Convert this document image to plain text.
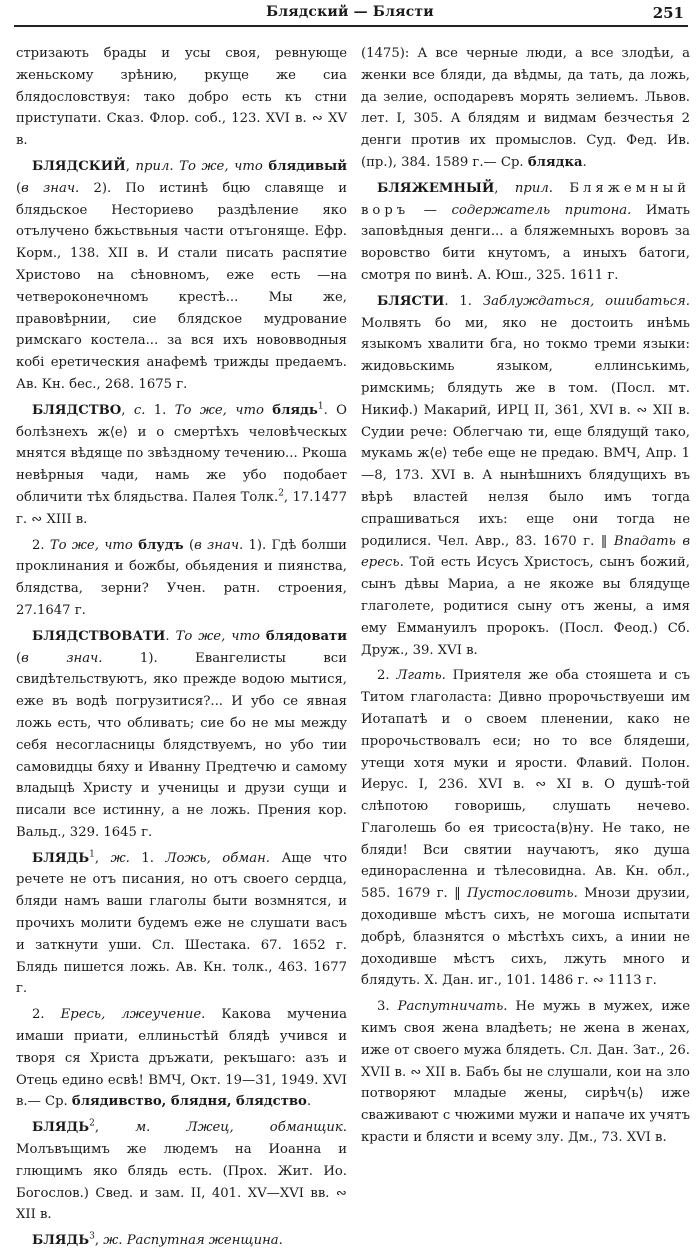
Блядский — Блясти	251

стризають брады и усы своя, ревнующе женьскому зрѣнию, ркуще же сиа блядословствуя: тако добро есть къ стни приступати. Сказ. Флор. соб., 123. XVI в. ∾ XV в.

БЛЯДСКИЙ, прил. То же, что блядивый (в знач. 2). По истинѣ бцю славяще и блядьское Несториево раздѣление яко отълучено бжьствьныя части отъгоняще. Ефр. Корм., 138. XII в. И стали писать распятие Христово на сѣновномъ, еже есть —на четвероконечномъ крестѣ... Мы же, правовѣрнии, сие блядское мудрование римскаго костела... за вся ихъ нововводныя кобі еретическия анафемѣ трижды предаемъ. Ав. Кн. бес., 268. 1675 г.

БЛЯДСТВО, с. 1. То же, что блядь$^1$. О болѣзнехъ ж⟨е⟩ и о смертѣхъ человѣческых мнятся вѣдяще по звѣздному течению... Ркоша невѣрныя чади, намь же убо подобает обличити тѣх блядьства. Палея Толк.$^2$, 17.1477 г. ∾ XIII в.

2. То же, что блудъ (в знач. 1). Гдѣ болши проклинания и божбы, обьядения и пиянства, блядства, зерни? Учен. ратн. строения, 27.1647 г.

БЛЯДСТВОВАТИ. То же, что блядовати (в знач. 1). Евангелисты вси свидѣтельствуютъ, яко прежде водою мытися, еже въ водѣ погрузитися?... И убо се явная ложь есть, что обливать; сие бо не мы между себя несогласницы блядствуемъ, но убо тии самовидцы бяху и Иванну Предтечю и самому владыцѣ Христу и ученицы и друзи сущи и писали все истинну, а не ложь. Прения кор. Вальд., 329. 1645 г.

БЛЯДЬ$^1$, ж. 1. Ложь, обман. Аще что речете не отъ писания, но отъ своего сердца, бляди намъ ваши глаголы быти возмнятся, и прочихъ молити будемъ еже не слушати васъ и заткнути уши. Сл. Шестака. 67. 1652 г. Блядь пишется ложь. Ав. Кн. толк., 463. 1677 г.

2. Ересь, лжеучение. Какова мучениа имаши приати, еллиньстѣй блядѣ учився и творя ся Христа дръжати, рекъшаго: азъ и Отець едино есвѣ! ВМЧ, Окт. 19—31, 1949. XVI в.— Ср. блядивство, блядня, блядство.

БЛЯДЬ$^2$, м.	Лжец, обманщик. Молъвъщимъ же людемъ на Иоанна и глющимъ яко блядь есть. (Прох. Жит. Ио. Богослов.) Свед. и зам. II, 401. XV—XVI вв. ∾ XII в.

БЛЯДЬ$^3$, ж. Распутная женщина.

(1475): А все черные люди, а все злодѣи, а женки все бляди, да вѣдмы, да тать, да ложь, да зелие, осподаревъ морять зелиемъ. Львов. лет. I, 305. А блядям и видмам безчестья 2 денги против их промыслов. Суд. Фед. Ив. (пр.), 384. 1589 г.— Ср. блядка.

БЛЯЖЕМНЫЙ, прил. Бляжемный воръ — содержатель притона. Имать заповѣдныя денги... а бляжемныхъ воровъ за воровство бити кнутомъ, а иныхъ батоги, смотря по винѣ. А. Юш., 325. 1611 г.

БЛЯСТИ. 1. Заблуждаться, ошибаться. Молвять бо ми, яко не достоить инѣмь языкомъ хвалити бга, но токмо треми языки: жидовьскимь языком, еллинськимь, римскимь; блядуть же в том. (Посл. мт. Никиф.) Макарий, ИРЦ II, 361, XVI в. ∾ XII в. Судии рече: Облегчаю ти, еще блядущй тако, мукамь ж⟨е⟩ тебе еще не предаю. ВМЧ, Апр. 1—8, 173. XVI в. А нынѣшнихъ блядущихъ въ вѣрѣ властей нелзя было имъ тогда спрашиваться ихъ: еще они тогда не родилися. Чел. Авр., 83. 1670 г. ‖ Впадать в ересь. Той есть Исусъ Христосъ, сынъ божий, сынъ дѣвы Мариа, а не якоже вы блядуще глаголете, родитися сыну отъ жены, а имя ему Еммануилъ пророкъ. (Посл. Феод.) Сб. Друж., 39. XVI в.

2. Лгать. Приятеля же оба стояшета и съ Титом глаголаста: Дивно пророчьствуеши им Иотапатѣ и о своем пленении, како не пророчьствовалъ еси; но то все блядеши, утещи хотя муки и ярости. Флавий. Полон. Иерус. I, 236. XVI в. ∾ XI в. О душѣ-той слѣпотою говоришь, слушать нечево. Глаголешь бо ея трисоста⟨в⟩ну. Не тако, не бляди! Вси святии научаютъ, яко душа единорасленна и тѣлесовидна. Ав. Кн. обл., 585. 1679 г. ‖ Пустословить. Мнози друзии, доходивше мѣстъ сихъ, не могоша испытати добрѣ, блазнятся о мѣстѣхъ сихъ, а инии не доходивше мѣстъ сихъ, лжуть много и блядуть. Х. Дан. иг., 101. 1486 г. ∾ 1113 г.

3. Распутничать. Не мужь в мужех, иже кимъ своя жена владѣеть; не жена в женах, иже от своего мужа блядеть. Сл. Дан. Зат., 26. XVII в. ∾ XII в. Бабъ бы не слушали, кои на зло потворяют младые жены, сирѣч⟨ь⟩ иже сваживают с чюжими мужи и напаче их учятъ красти и блясти и всему злу. Дм., 73. XVI в.
